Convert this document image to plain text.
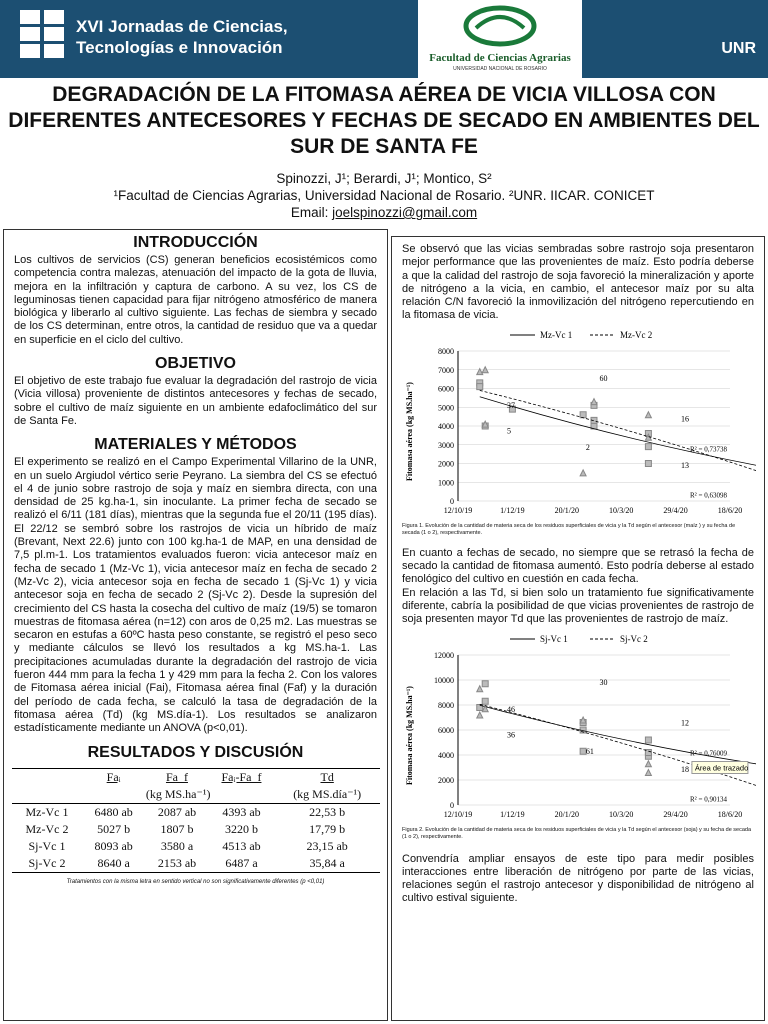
XVI Jornadas de Ciencias,
Tecnologías e Innovación
Facultad de Ciencias Agrarias
UNIVERSIDAD NACIONAL DE ROSARIO
UNR
DEGRADACIÓN DE LA FITOMASA AÉREA DE VICIA VILLOSA CON DIFERENTES ANTECESORES Y FECHAS DE SECADO EN AMBIENTES DEL SUR DE SANTA FE
Spinozzi, J¹; Berardi, J¹; Montico, S²
¹Facultad de Ciencias Agrarias, Universidad Nacional de Rosario. ²UNR. IICAR. CONICET
Email: joelspinozzi@gmail.com
INTRODUCCIÓN

Los cultivos de servicios (CS) generan beneficios ecosistémicos como competencia contra malezas, atenuación del impacto de la gota de lluvia, mejora en la infiltración y captura de carbono. A su vez, los CS de leguminosas tienen capacidad para fijar nitrógeno atmosférico de manera biológica y liberarlo al cultivo siguiente. Las fechas de siembra y secado de los CS determinan, entre otros, la cantidad de residuo que va a quedar en superficie en el ciclo del cultivo.

OBJETIVO

El objetivo de este trabajo fue evaluar la degradación del rastrojo de vicia (Vicia villosa) proveniente de distintos antecesores y fechas de secado, sobre el cultivo de maíz siguiente en un ambiente edafoclimático del sur de Santa Fe.

MATERIALES Y MÉTODOS

El experimento se realizó en el Campo Experimental Villarino de la UNR, en un suelo Argiudol vértico serie Peyrano. La siembra del CS se efectuó el 4 de junio sobre rastrojo de soja y maíz en siembra directa, con una densidad de 25 kg.ha-1, sin inoculante. La primer fecha de secado se realizó el 6/11 (181 días), mientras que la segunda fue el 20/11 (195 días). El 22/12 se sembró sobre los rastrojos de vicia un híbrido de maíz (Brevant, Next 22.6) junto con 100 kg.ha-1 de MAP, en una densidad de 7,5 pl.m-1. Los tratamientos evaluados fueron: vicia antecesor maíz en fecha de secado 1 (Mz-Vc 1), vicia antecesor maíz en fecha de secado 2 (Mz-Vc 2), vicia antecesor soja en fecha de secado 1 (Sj-Vc 1) y vicia antecesor soja en fecha de secado 2 (Sj-Vc 2). Desde la supresión del crecimiento del CS hasta la cosecha del cultivo de maíz (19/5) se tomaron muestras de fitomasa aérea (n=12) con aros de 0,25 m2. Las muestras se secaron en estufas a 60ºC hasta peso constante, se registró el peso seco y mediante cálculos se llevó los resultados a kg MS.ha-1. Las precipitaciones acumuladas durante la degradación del rastrojo de vicia fueron 444 mm para la fecha 1 y 429 mm para la fecha 2. Con los valores de Fitomasa aérea inicial (Fai), Fitomasa aérea final (Faf) y la duración del período de cada fecha, se calculó la tasa de degradación de la fitomasa aérea (Td) (kg MS.día-1). Los resultados se analizaron estadísticamente mediante un ANOVA (p<0,01).

RESULTADOS Y DISCUSIÓN
	Faᵢ	Fa_f	Faᵢ-Fa_f	Td
	(kg MS.ha⁻¹)			(kg MS.día⁻¹)
Mz-Vc 1	6480 ab	2087 ab	4393 ab	22,53 b
Mz-Vc 2	5027 b	1807 b	3220 b	17,79 b
Sj-Vc 1	8093 ab	3580 a	4513 ab	23,15 ab
Sj-Vc 2	8640 a	2153 ab	6487 a	35,84 a
Tratamientos con la misma letra en sentido vertical no son significativamente diferentes (p <0,01)

Se observó que las vicias sembradas sobre rastrojo soja presentaron mejor performance que las provenientes de maíz. Esto podría deberse a que la calidad del rastrojo de soja favoreció la mineralización y aporte de nitrógeno a la vicia, en cambio, el antecesor maíz por su alta relación C/N favoreció la inmovilización del nitrógeno repercutiendo en la fitomasa de vicia.

Mz-Vc 1	Mz-Vc 2
Fitomasa aérea (kg MS.ha⁻¹)
0
1000
2000
3000
4000
5000
6000
7000
8000
12/10/19	1/12/19	20/1/20	10/3/20	29/4/20	18/6/20
37
60
5
2
16
13
R² = 0,73738
R² = 0,63098

Figura 1. Evolución de la cantidad de materia seca de los residuos superficiales de vicia y la Td según el antecesor (maíz ) y su fecha de secada (1 o 2), respectivamente.

En cuanto a fechas de secado, no siempre que se retrasó la fecha de secado la cantidad de fitomasa aumentó. Esto podría deberse al estado fenológico del cultivo en cuestión en cada fecha.

En relación a las Td, si bien solo un tratamiento fue significativamente diferente, cabría la posibilidad de que vicias provenientes de rastrojo de soja presenten mayor Td que las provenientes de rastrojo de maíz.

Sj-Vc 1	Sj-Vc 2
Fitomasa aérea (kg MS.ha⁻¹)
0
2000
4000
6000
8000
10000
12000
12/10/19	1/12/19	20/1/20	10/3/20	29/4/20	18/6/20
46
30
36
61
12
18
R² = 0,76009
R² = 0,90134
Área de trazado

Figura 2. Evolución de la cantidad de materia seca de los residuos superficiales de vicia y la Td según el antecesor (soja) y su fecha de secada (1 o 2), respectivamente.

Convendría ampliar ensayos de este tipo para medir posibles interacciones entre liberación de nitrógeno por parte de las vicias, relaciones según el rastrojo antecesor y disponibilidad de nitrógeno al cultivo estival siguiente.
